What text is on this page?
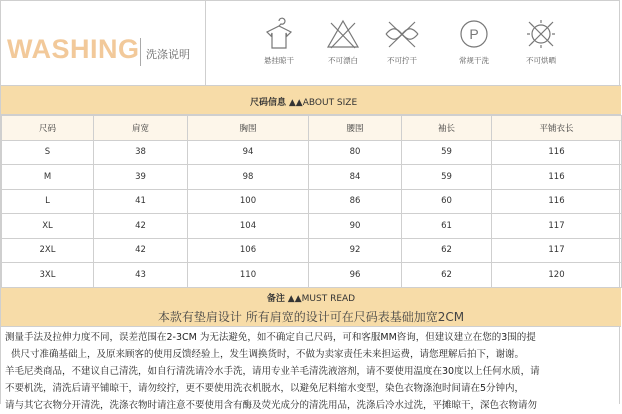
WASHING 洗涤说明	悬挂晾干	不可漂白	不可拧干
P
常规干洗	不可烘晒
尺码信息 ▲▲ABOUT SIZE
尺码	肩宽	胸围	腰围	袖长	平铺衣长
S	38	94	80	59	116
M	39	98	84	59	116
L	41	100	86	60	116
XL	42	104	90	61	117
2XL	42	106	92	62	117
3XL	43	110	96	62	120
备注 ▲▲MUST READ
本款有垫肩设计 所有肩宽的设计可在尺码表基础加宽2CM

测量手法及拉伸力度不同，误差范围在2-3CM 为无法避免，如不确定自己尺码，可和客服MM咨询，但建议建立在您的3围的提

供尺寸准确基础上，及原来顾客的使用反馈经验上，发生调换货时，不做为卖家责任未来担运费，请您理解后拍下，谢谢。

羊毛尼类商品，不建议自己清洗，如自行清洗请冷水手洗，请用专业羊毛清洗液溶剂，请不要使用温度在30度以上任何水质，请

不要机洗，清洗后请平铺晾干，请勿绞拧，更不要使用洗衣机脱水，以避免尼料缩水变型，染色衣物涤泡时间请在5分钟内，

请与其它衣物分开清洗，洗涤衣物时请注意不要使用含有酶及荧光成分的清洗用品，洗涤后冷水过洗，平摊晾干，深色衣物请勿
